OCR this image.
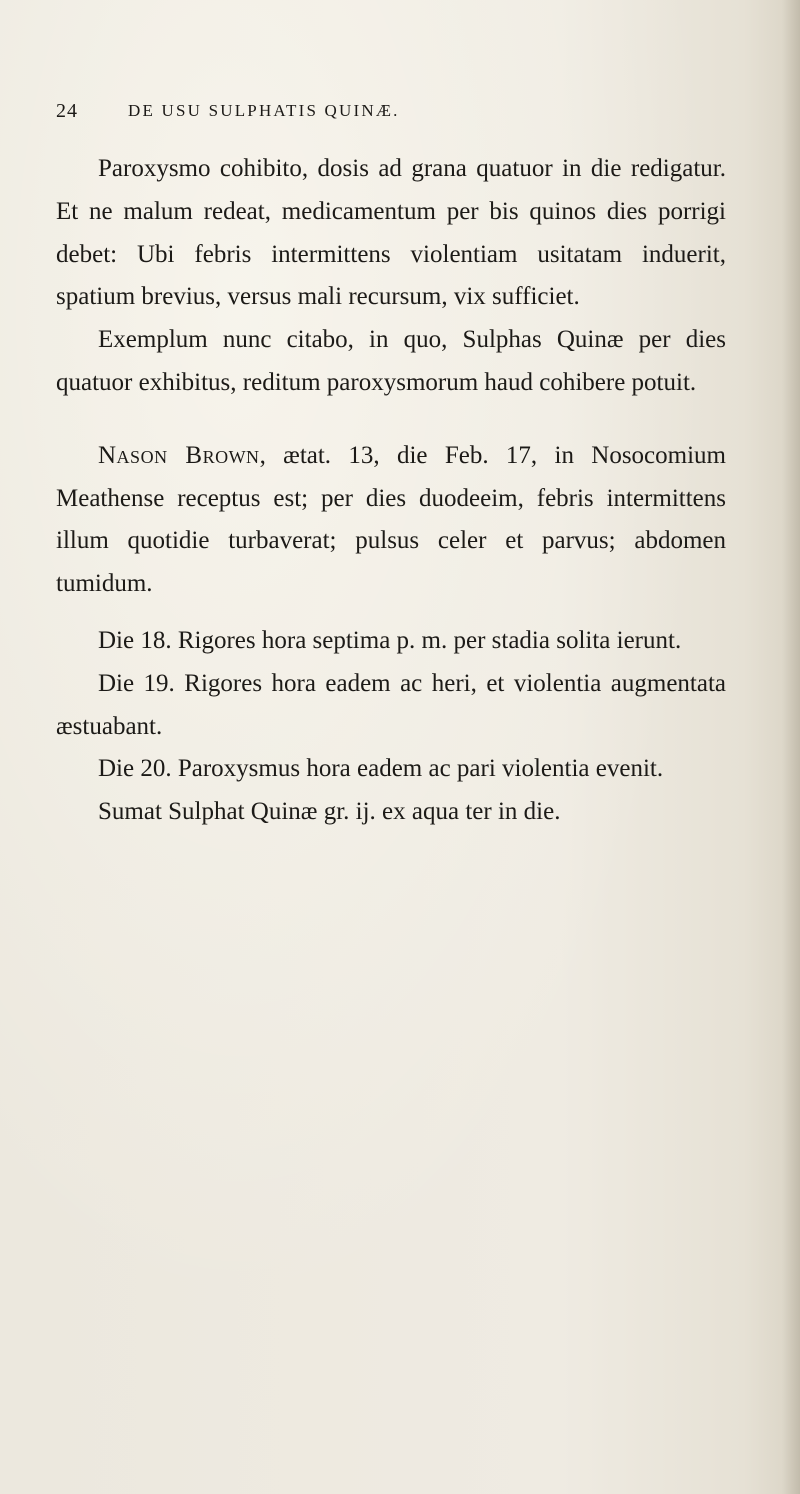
24	DE USU SULPHATIS QUINÆ.

Paroxysmo cohibito, dosis ad grana quatuor in die redigatur. Et ne malum redeat, medicamentum per bis quinos dies porrigi debet: Ubi febris intermittens violentiam usitatam induerit, spatium brevius, versus mali recursum, vix sufficiet.

Exemplum nunc citabo, in quo, Sulphas Quinæ per dies quatuor exhibitus, reditum paroxysmorum haud cohibere potuit.

Nason Brown, ætat. 13, die Feb. 17, in Nosocomium Meathense receptus est; per dies duodeeim, febris intermittens illum quotidie turbaverat; pulsus celer et parvus; abdomen tumidum.

Die 18. Rigores hora septima p. m. per stadia solita ierunt.

Die 19. Rigores hora eadem ac heri, et violentia augmentata æstuabant.

Die 20. Paroxysmus hora eadem ac pari violentia evenit.

Sumat Sulphat Quinæ gr. ij. ex aqua ter in die.
